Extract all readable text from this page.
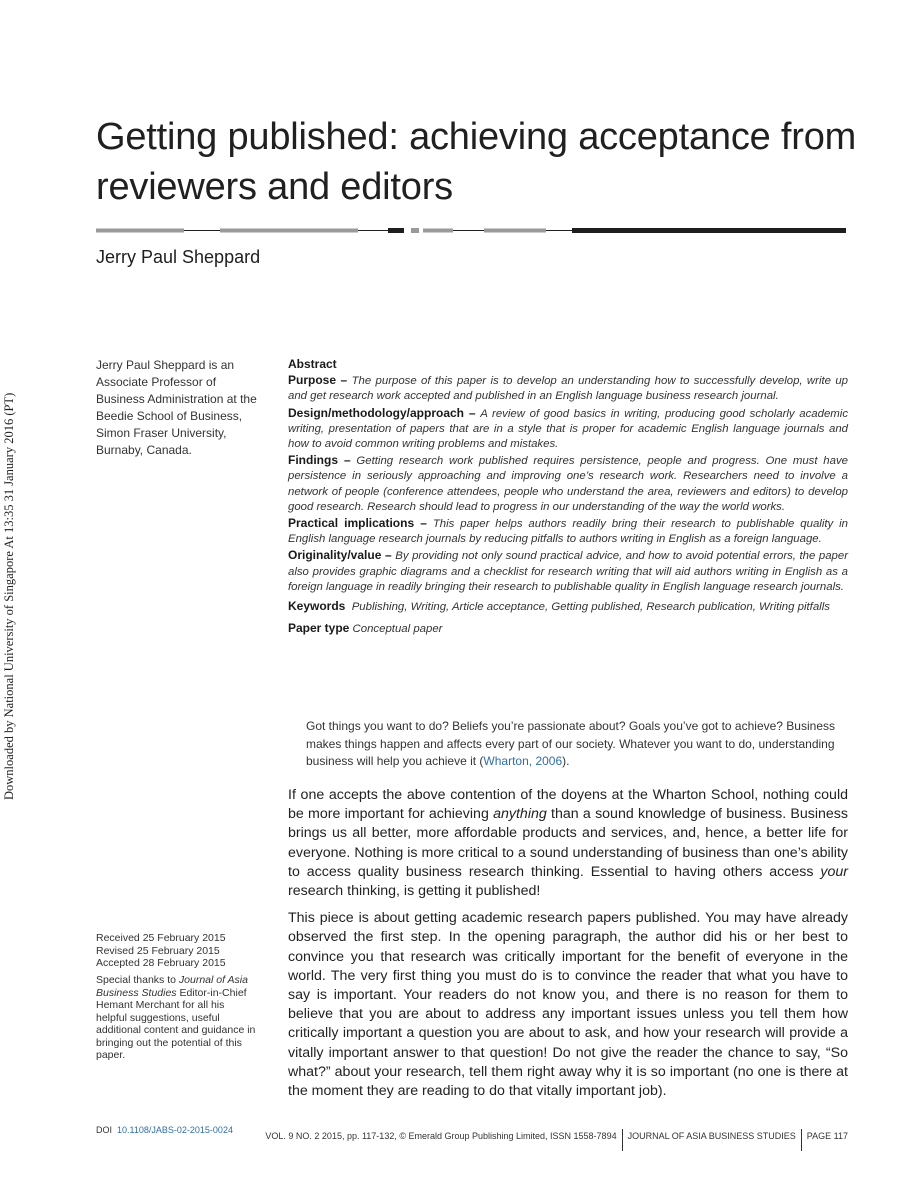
Getting published: achieving acceptance from reviewers and editors
Jerry Paul Sheppard
Downloaded by National University of Singapore At 13:35 31 January 2016 (PT)
Jerry Paul Sheppard is an Associate Professor of Business Administration at the Beedie School of Business, Simon Fraser University, Burnaby, Canada.
Abstract

Purpose – The purpose of this paper is to develop an understanding how to successfully develop, write up and get research work accepted and published in an English language business research journal.

Design/methodology/approach – A review of good basics in writing, producing good scholarly academic writing, presentation of papers that are in a style that is proper for academic English language journals and how to avoid common writing problems and mistakes.

Findings – Getting research work published requires persistence, people and progress. One must have persistence in seriously approaching and improving one’s research work. Researchers need to involve a network of people (conference attendees, people who understand the area, reviewers and editors) to develop good research. Research should lead to progress in our understanding of the way the world works.

Practical implications – This paper helps authors readily bring their research to publishable quality in English language research journals by reducing pitfalls to authors writing in English as a foreign language.

Originality/value – By providing not only sound practical advice, and how to avoid potential errors, the paper also provides graphic diagrams and a checklist for research writing that will aid authors writing in English as a foreign language in readily bringing their research to publishable quality in English language research journals.

Keywords Publishing, Writing, Article acceptance, Getting published, Research publication, Writing pitfalls

Paper type Conceptual paper

Got things you want to do? Beliefs you’re passionate about? Goals you’ve got to achieve? Business makes things happen and affects every part of our society. Whatever you want to do, understanding business will help you achieve it (Wharton, 2006).

If one accepts the above contention of the doyens at the Wharton School, nothing could be more important for achieving anything than a sound knowledge of business. Business brings us all better, more affordable products and services, and, hence, a better life for everyone. Nothing is more critical to a sound understanding of business than one’s ability to access quality business research thinking. Essential to having others access your research thinking, is getting it published!

This piece is about getting academic research papers published. You may have already observed the first step. In the opening paragraph, the author did his or her best to convince you that research was critically important for the benefit of everyone in the world. The very first thing you must do is to convince the reader that what you have to say is important. Your readers do not know you, and there is no reason for them to believe that you are about to address any important issues unless you tell them how critically important a question you are about to ask, and how your research will provide a vitally important answer to that question! Do not give the reader the chance to say, “So what?” about your research, tell them right away why it is so important (no one is there at the moment they are reading to do that vitally important job).

Received 25 February 2015

Revised 25 February 2015

Accepted 28 February 2015

Special thanks to Journal of Asia Business Studies Editor-in-Chief Hemant Merchant for all his helpful suggestions, useful additional content and guidance in bringing out the potential of this paper.
DOI 10.1108/JABS-02-2015-0024
VOL. 9 NO. 2 2015, pp. 117-132, © Emerald Group Publishing Limited, ISSN 1558-7894 JOURNAL OF ASIA BUSINESS STUDIES PAGE 117
